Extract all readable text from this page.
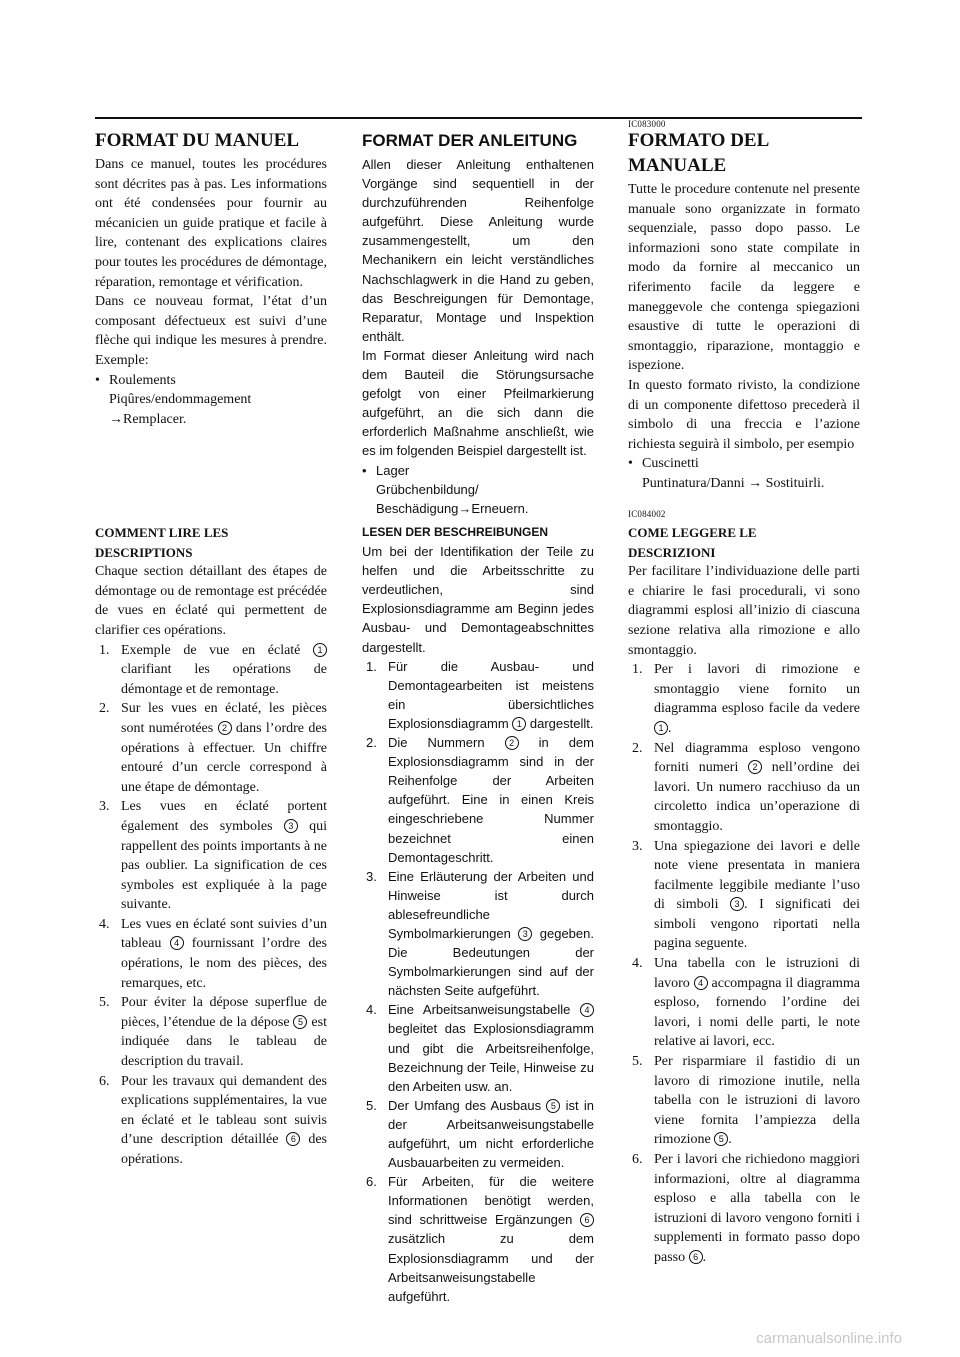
IC083000
IC084002
FORMAT DU MANUEL

Dans ce manuel, toutes les procédures sont décrites pas à pas. Les informations ont été condensées pour fournir au mécanicien un guide pratique et facile à lire, contenant des explications claires pour toutes les procédures de démontage, réparation, remontage et vérification.

Dans ce nouveau format, l’état d’un composant défectueux est suivi d’une flèche qui indique les mesures à prendre. Exemple:

• Roulements
Piqûres/endommagement
→Remplacer.
FORMAT DER ANLEITUNG

Allen dieser Anleitung enthaltenen Vorgänge sind sequentiell in der durchzuführenden Reihenfolge aufgeführt. Diese Anleitung wurde zusammengestellt, um den Mechanikern ein leicht verständliches Nachschlagwerk in die Hand zu geben, das Beschreigungen für Demontage, Reparatur, Montage und Inspektion enthält.

Im Format dieser Anleitung wird nach dem Bauteil die Störungsursache gefolgt von einer Pfeilmarkierung aufgeführt, an die sich dann die erforderlich Maßnahme anschließt, wie es im folgenden Beispiel dargestellt ist.

• Lager
Grübchenbildung/
Beschädigung→Erneuern.
FORMATO DEL
MANUALE

Tutte le procedure contenute nel presente manuale sono organizzate in formato sequenziale, passo dopo passo. Le informazioni sono state compilate in modo da fornire al meccanico un riferimento facile da leggere e maneggevole che contenga spiegazioni esaustive di tutte le operazioni di smontaggio, riparazione, montaggio e ispezione.

In questo formato rivisto, la condizione di un componente difettoso precederà il simbolo di una freccia e l’azione richiesta seguirà il simbolo, per esempio

• Cuscinetti
Puntinatura/Danni → Sostituirli.
COMMENT LIRE LES
DESCRIPTIONS

Chaque section détaillant des étapes de démontage ou de remontage est précédée de vues en éclaté qui permettent de clarifier ces opérations.

1. Exemple de vue en éclaté 1 clarifiant les opérations de démontage et de remontage.
2. Sur les vues en éclaté, les pièces sont numérotées 2 dans l’ordre des opérations à effectuer. Un chiffre entouré d’un cercle correspond à une étape de démontage.
3. Les vues en éclaté portent également des symboles 3 qui rappellent des points importants à ne pas oublier. La signification de ces symboles est expliquée à la page suivante.
4. Les vues en éclaté sont suivies d’un tableau 4 fournissant l’ordre des opérations, le nom des pièces, des remarques, etc.
5. Pour éviter la dépose superflue de pièces, l’étendue de la dépose 5 est indiquée dans le tableau de description du travail.
6. Pour les travaux qui demandent des explications supplémentaires, la vue en éclaté et le tableau sont suivis d’une description détaillée 6 des opérations.
LESEN DER BESCHREIBUNGEN

Um bei der Identifikation der Teile zu helfen und die Arbeitsschritte zu verdeutlichen, sind Explosionsdiagramme am Beginn jedes Ausbau- und Demontageabschnittes dargestellt.

1. Für die Ausbau- und Demontagearbeiten ist meistens ein übersichtliches Explosionsdiagramm 1 dargestellt.
2. Die Nummern 2 in dem Explosionsdiagramm sind in der Reihenfolge der Arbeiten aufgeführt. Eine in einen Kreis eingeschriebene Nummer bezeichnet einen Demontageschritt.
3. Eine Erläuterung der Arbeiten und Hinweise ist durch ablesefreundliche Symbolmarkierungen 3 gegeben. Die Bedeutungen der Symbolmarkierungen sind auf der nächsten Seite aufgeführt.
4. Eine Arbeitsanweisungstabelle 4 begleitet das Explosionsdiagramm und gibt die Arbeitsreihenfolge, Bezeichnung der Teile, Hinweise zu den Arbeiten usw. an.
5. Der Umfang des Ausbaus 5 ist in der Arbeitsanweisungstabelle aufgeführt, um nicht erforderliche Ausbauarbeiten zu vermeiden.
6. Für Arbeiten, für die weitere Informationen benötigt werden, sind schrittweise Ergänzungen 6 zusätzlich zu dem Explosionsdiagramm und der Arbeitsanweisungstabelle aufgeführt.
COME LEGGERE LE
DESCRIZIONI

Per facilitare l’individuazione delle parti e chiarire le fasi procedurali, vi sono diagrammi esplosi all’inizio di ciascuna sezione relativa alla rimozione e allo smontaggio.

1. Per i lavori di rimozione e smontaggio viene fornito un diagramma esploso facile da vedere 1 .
2. Nel diagramma esploso vengono forniti numeri 2 nell’ordine dei lavori. Un numero racchiuso da un circoletto indica un’operazione di smontaggio.
3. Una spiegazione dei lavori e delle note viene presentata in maniera facilmente leggibile mediante l’uso di simboli 3 . I significati dei simboli vengono riportati nella pagina seguente.
4. Una tabella con le istruzioni di lavoro 4 accompagna il diagramma esploso, fornendo l’ordine dei lavori, i nomi delle parti, le note relative ai lavori, ecc.
5. Per risparmiare il fastidio di un lavoro di rimozione inutile, nella tabella con le istruzioni di lavoro viene fornita l’ampiezza della rimozione 5 .
6. Per i lavori che richiedono maggiori informazioni, oltre al diagramma esploso e alla tabella con le istruzioni di lavoro vengono forniti i supplementi in formato passo dopo passo 6 .
carmanualsonline.info
